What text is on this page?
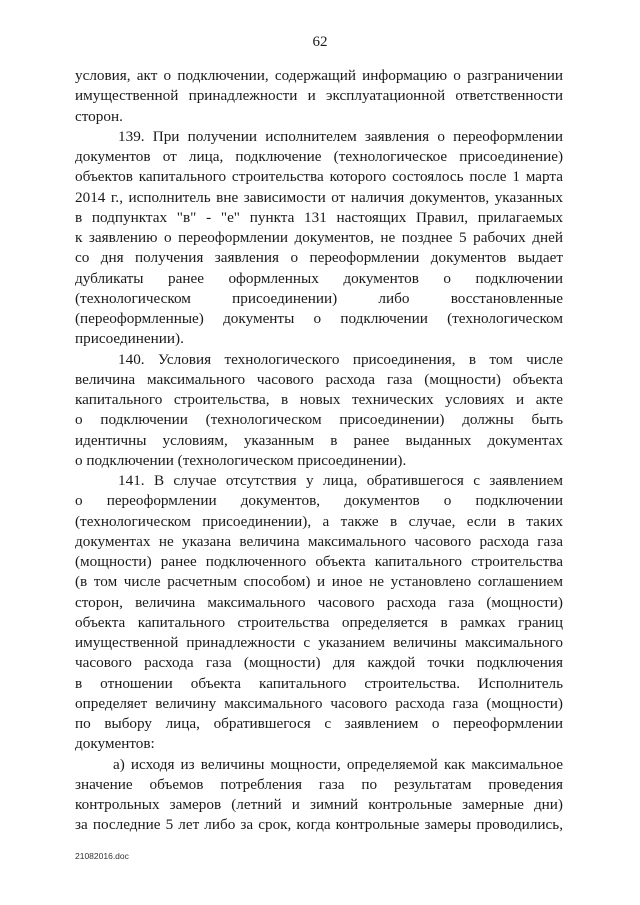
62
условия, акт о подключении, содержащий информацию о разграничении
имущественной принадлежности и эксплуатационной ответственности
сторон.
139. При получении исполнителем заявления о переоформлении
документов от лица, подключение (технологическое присоединение)
объектов капитального строительства которого состоялось после 1 марта
2014 г., исполнитель вне зависимости от наличия документов, указанных
в подпунктах "в" - "е" пункта 131 настоящих Правил, прилагаемых
к заявлению о переоформлении документов, не позднее 5 рабочих дней
со дня получения заявления о переоформлении документов выдает
дубликаты ранее оформленных документов о подключении
(технологическом присоединении) либо восстановленные
(переоформленные) документы о подключении (технологическом
присоединении).
140. Условия технологического присоединения, в том числе
величина максимального часового расхода газа (мощности) объекта
капитального строительства, в новых технических условиях и акте
о подключении (технологическом присоединении) должны быть
идентичны условиям, указанным в ранее выданных документах
о подключении (технологическом присоединении).
141. В случае отсутствия у лица, обратившегося с заявлением
о переоформлении документов, документов о подключении
(технологическом присоединении), а также в случае, если в таких
документах не указана величина максимального часового расхода газа
(мощности) ранее подключенного объекта капитального строительства
(в том числе расчетным способом) и иное не установлено соглашением
сторон, величина максимального часового расхода газа (мощности)
объекта капитального строительства определяется в рамках границ
имущественной принадлежности с указанием величины максимального
часового расхода газа (мощности) для каждой точки подключения
в отношении объекта капитального строительства. Исполнитель
определяет величину максимального часового расхода газа (мощности)
по выбору лица, обратившегося с заявлением о переоформлении
документов:
а) исходя из величины мощности, определяемой как максимальное
значение объемов потребления газа по результатам проведения
контрольных замеров (летний и зимний контрольные замерные дни)
за последние 5 лет либо за срок, когда контрольные замеры проводились,
21082016.doc
